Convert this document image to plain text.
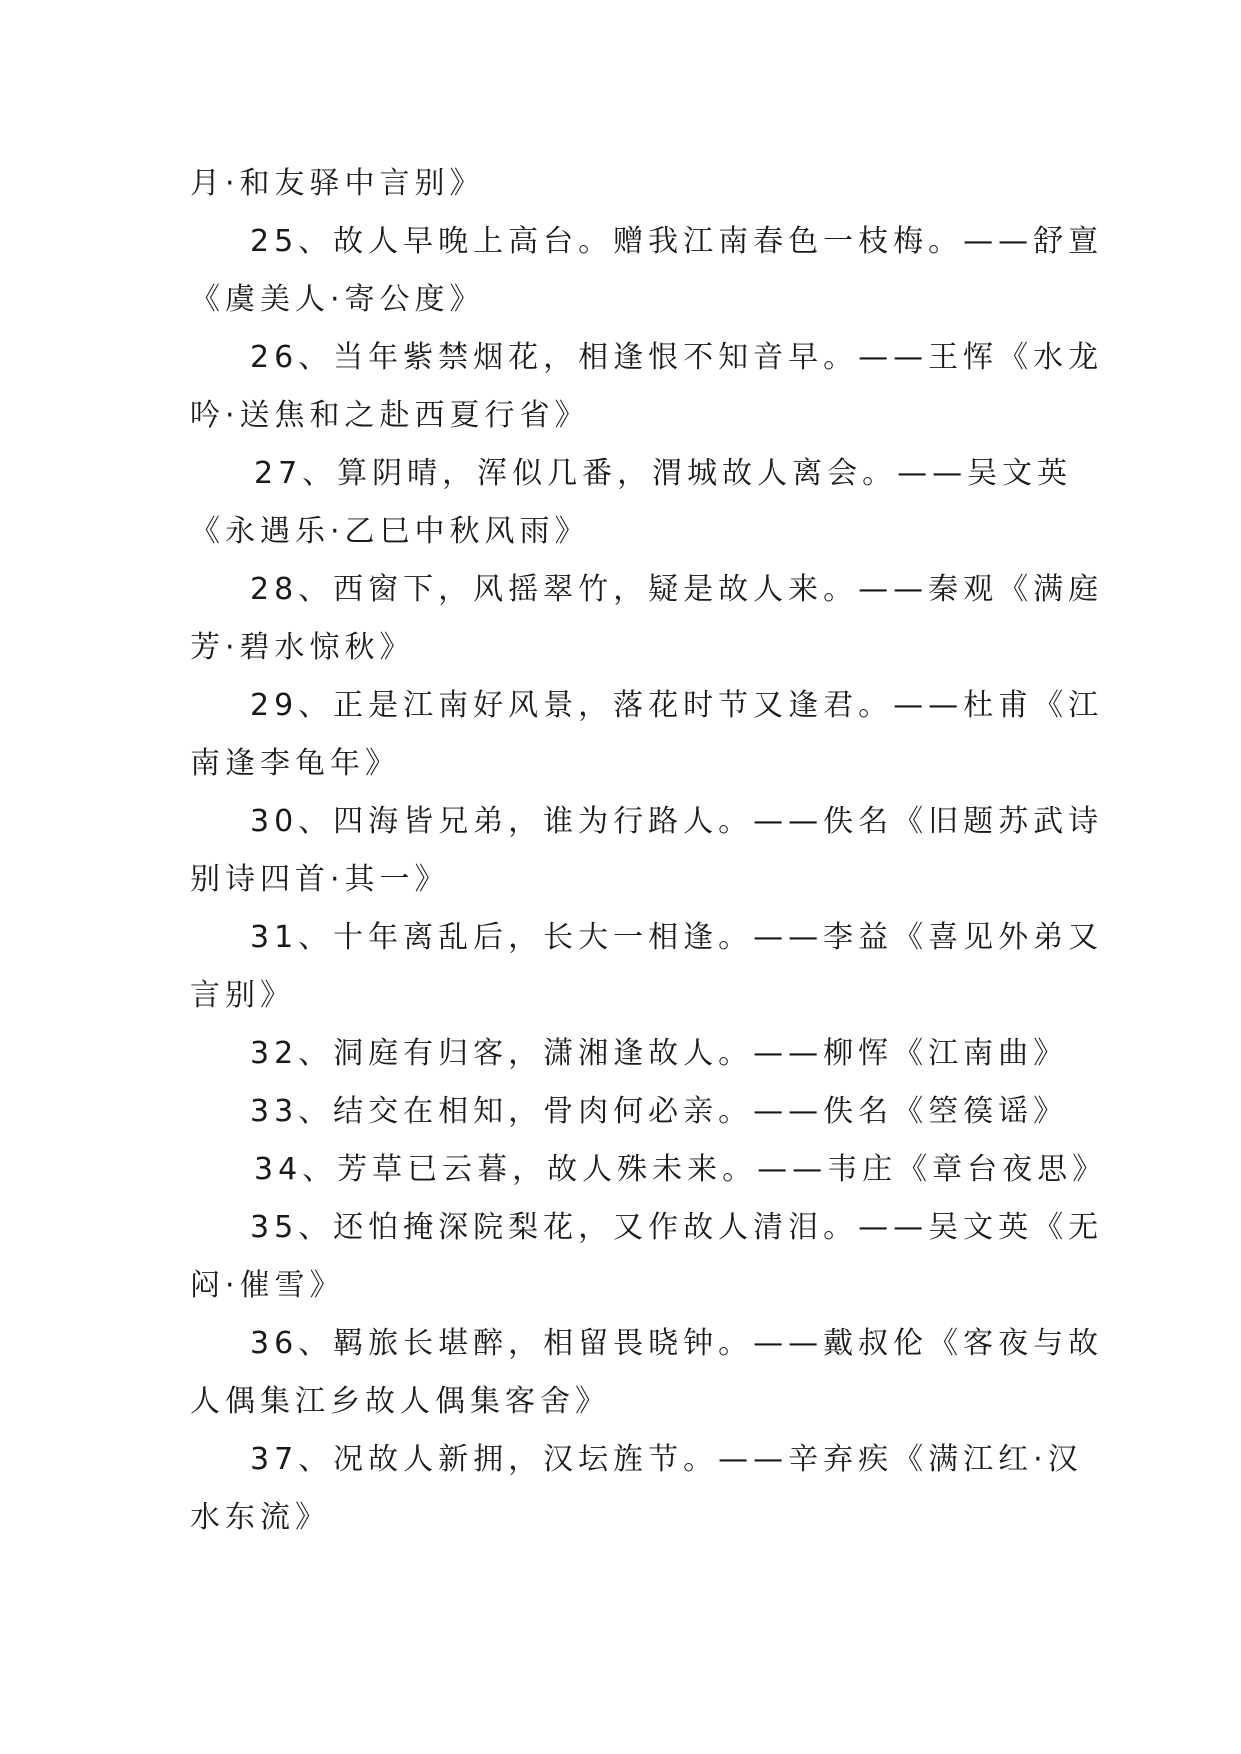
月·和友驿中言别》
25、故人早晚上高台。赠我江南春色一枝梅。——舒亶
《虞美人·寄公度》
26、当年紫禁烟花，相逢恨不知音早。——王恽《水龙
吟·送焦和之赴西夏行省》
27、算阴晴，浑似几番，渭城故人离会。——吴文英
《永遇乐·乙巳中秋风雨》
28、西窗下，风摇翠竹，疑是故人来。——秦观《满庭
芳·碧水惊秋》
29、正是江南好风景，落花时节又逢君。——杜甫《江
南逢李龟年》
30、四海皆兄弟，谁为行路人。——佚名《旧题苏武诗
别诗四首·其一》
31、十年离乱后，长大一相逢。——李益《喜见外弟又
言别》
32、洞庭有归客，潇湘逢故人。——柳恽《江南曲》
33、结交在相知，骨肉何必亲。——佚名《箜篌谣》
34、芳草已云暮，故人殊未来。——韦庄《章台夜思》
35、还怕掩深院梨花，又作故人清泪。——吴文英《无
闷·催雪》
36、羁旅长堪醉，相留畏晓钟。——戴叔伦《客夜与故
人偶集江乡故人偶集客舍》
37、况故人新拥，汉坛旌节。——辛弃疾《满江红·汉
水东流》
